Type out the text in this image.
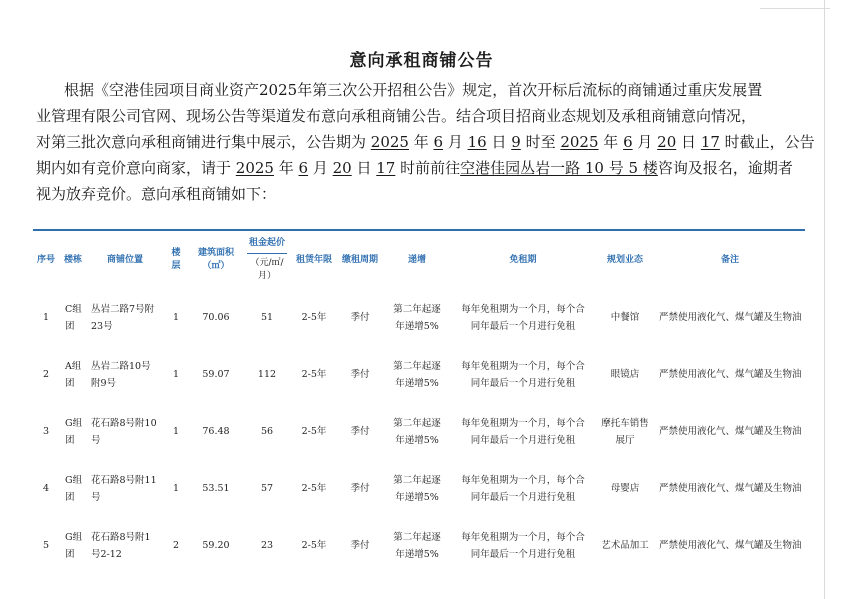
意向承租商铺公告
根据《空港佳园项目商业资产2025年第三次公开招租公告》规定，首次开标后流标的商铺通过重庆发展置
业管理有限公司官网、现场公告等渠道发布意向承租商铺公告。结合项目招商业态规划及承租商铺意向情况，
对第三批次意向承租商铺进行集中展示，公告期为 2025 年 6 月 16 日 9 时至 2025 年 6 月 20 日 17 时截止，公告
期内如有竞价意向商家，请于 2025 年 6 月 20 日 17 时前前往空港佳园丛岩一路 10 号 5 楼咨询及报名，逾期者
视为放弃竞价。意向承租商铺如下：
序号	楼栋	商铺位置	楼层	建筑面积（㎡）	租金起价
（元/㎡/月）	租赁年限	缴租周期	递增	免租期	规划业态	备注
1	C组团	丛岩二路7号附23号	1	70.06	51	2-5年	季付	第二年起逐年递增5%	每年免租期为一个月，每个合同年最后一个月进行免租	中餐馆	严禁使用液化气、煤气罐及生物油
2	A组团	丛岩二路10号附9号	1	59.07	112	2-5年	季付	第二年起逐年递增5%	每年免租期为一个月，每个合同年最后一个月进行免租	眼镜店	严禁使用液化气、煤气罐及生物油
3	G组团	花石路8号附10号	1	76.48	56	2-5年	季付	第二年起逐年递增5%	每年免租期为一个月，每个合同年最后一个月进行免租	摩托车销售展厅	严禁使用液化气、煤气罐及生物油
4	G组团	花石路8号附11号	1	53.51	57	2-5年	季付	第二年起逐年递增5%	每年免租期为一个月，每个合同年最后一个月进行免租	母婴店	严禁使用液化气、煤气罐及生物油
5	G组团	花石路8号附1号2-12	2	59.20	23	2-5年	季付	第二年起逐年递增5%	每年免租期为一个月，每个合同年最后一个月进行免租	艺术品加工	严禁使用液化气、煤气罐及生物油
